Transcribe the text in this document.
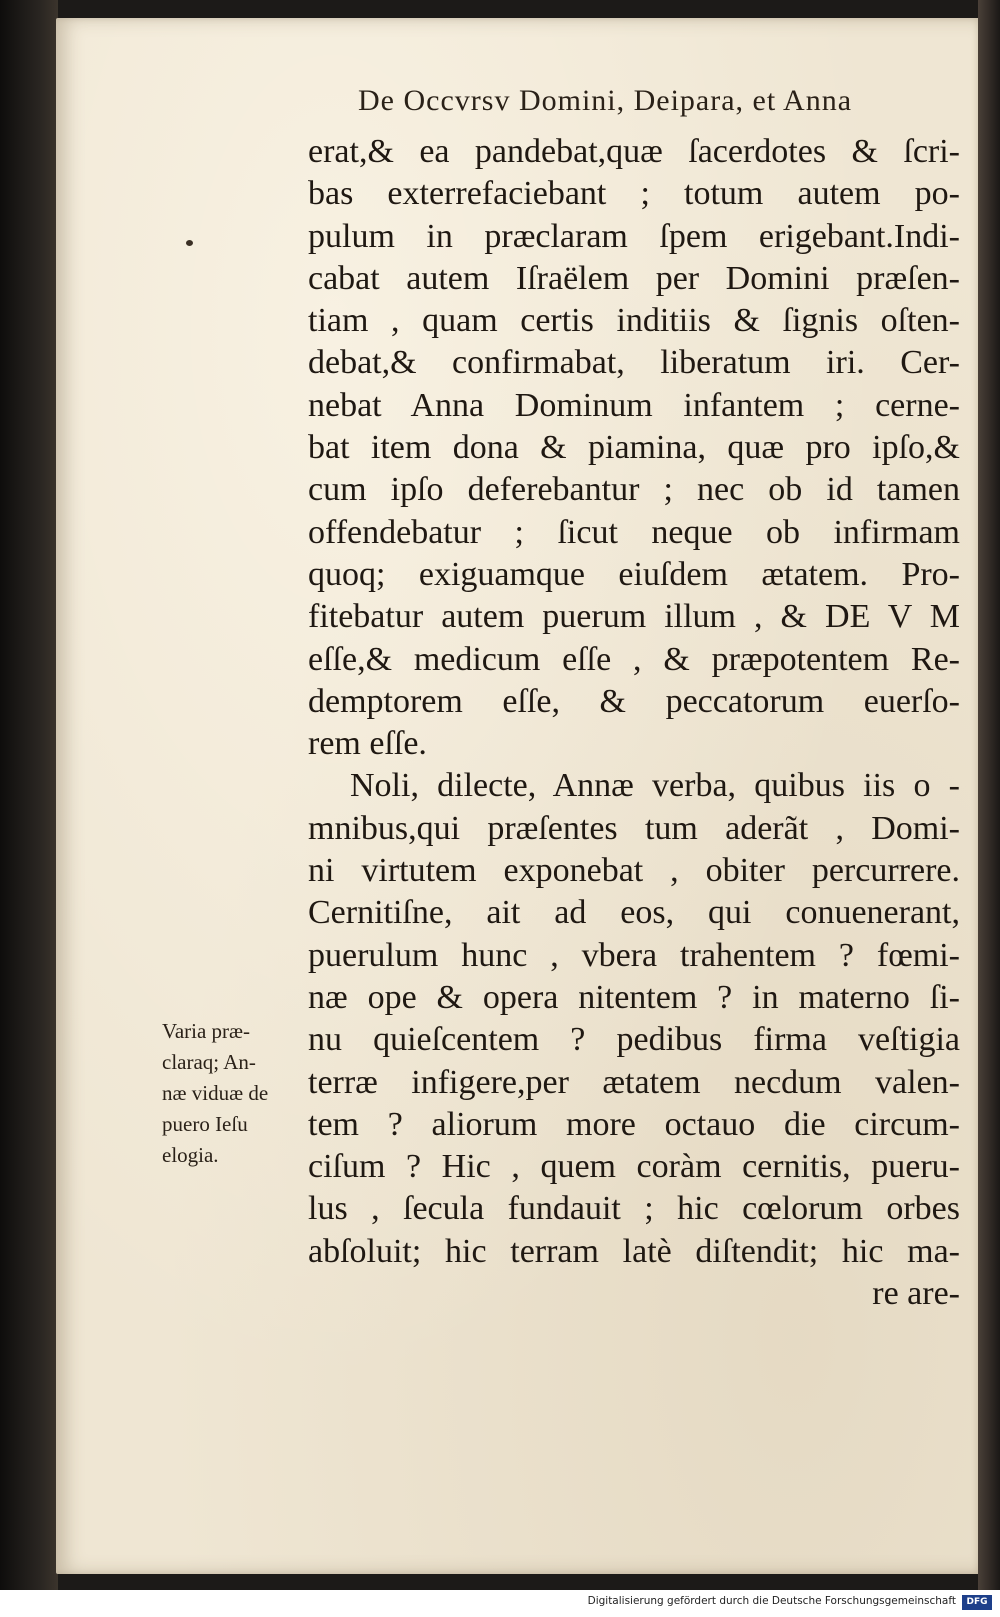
De Occvrsv Domini, Deipara, et Anna
erat,& ea pandebat,quæ ſacerdotes & ſcri-
bas exterrefaciebant ; totum autem po-
pulum in præclaram ſpem erigebant.Indi-
cabat autem Iſraëlem per Domini præſen-
tiam , quam certis inditiis & ſignis oſten-
debat,& confirmabat, liberatum iri. Cer-
nebat Anna Dominum infantem ; cerne-
bat item dona & piamina, quæ pro ipſo,&
cum ipſo deferebantur ; nec ob id tamen
offendebatur ; ſicut neque ob infirmam
quoq; exiguamque eiuſdem ætatem. Pro-
fitebatur autem puerum illum , & DE V M
eſſe,& medicum eſſe , & præpotentem Re-
demptorem eſſe, & peccatorum euerſo-
rem eſſe.
Noli, dilecte, Annæ verba, quibus iis o -
mnibus,qui præſentes tum aderãt , Domi-
ni virtutem exponebat , obiter percurrere.
Cernitiſne, ait ad eos, qui conuenerant,
puerulum hunc , vbera trahentem ? fœmi-
næ ope & opera nitentem ? in materno ſi-
nu quieſcentem ? pedibus firma veſtigia
terræ infigere,per ætatem necdum valen-
tem ? aliorum more octauo die circum-
ciſum ? Hic , quem coràm cernitis, pueru-
lus , ſecula fundauit ; hic cœlorum orbes
abſoluit; hic terram latè diſtendit; hic ma-
re are-
Varia præ-
claraq; An-
næ viduæ de
puero Ieſu
elogia.
Digitalisierung gefördert durch die Deutsche Forschungsgemeinschaft	DFG
